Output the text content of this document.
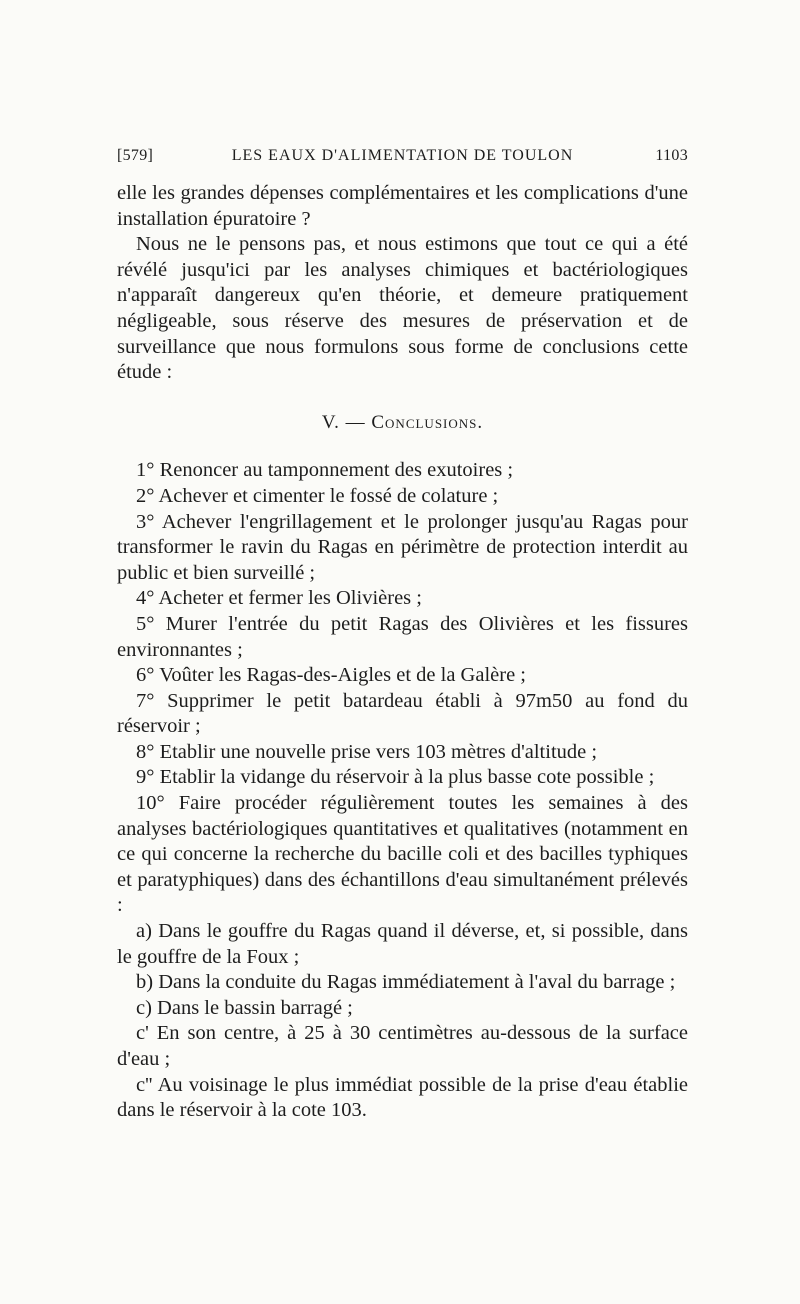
[579]	LES EAUX D'ALIMENTATION DE TOULON	1103

elle les grandes dépenses complémentaires et les complications d'une installation épuratoire ?

Nous ne le pensons pas, et nous estimons que tout ce qui a été révélé jusqu'ici par les analyses chimiques et bactériologiques n'apparaît dangereux qu'en théorie, et demeure pratiquement négligeable, sous réserve des mesures de préservation et de surveillance que nous formulons sous forme de conclusions cette étude :

V. — Conclusions.

1° Renoncer au tamponnement des exutoires ;

2° Achever et cimenter le fossé de colature ;

3° Achever l'engrillagement et le prolonger jusqu'au Ragas pour transformer le ravin du Ragas en périmètre de protection interdit au public et bien surveillé ;

4° Acheter et fermer les Olivières ;

5° Murer l'entrée du petit Ragas des Olivières et les fissures environnantes ;

6° Voûter les Ragas-des-Aigles et de la Galère ;

7° Supprimer le petit batardeau établi à 97m50 au fond du réservoir ;

8° Etablir une nouvelle prise vers 103 mètres d'altitude ;

9° Etablir la vidange du réservoir à la plus basse cote possible ;

10° Faire procéder régulièrement toutes les semaines à des analyses bactériologiques quantitatives et qualitatives (notamment en ce qui concerne la recherche du bacille coli et des bacilles typhiques et paratyphiques) dans des échantillons d'eau simultanément prélevés :

a) Dans le gouffre du Ragas quand il déverse, et, si possible, dans le gouffre de la Foux ;

b) Dans la conduite du Ragas immédiatement à l'aval du barrage ;

c) Dans le bassin barragé ;

c' En son centre, à 25 à 30 centimètres au-dessous de la surface d'eau ;

c'' Au voisinage le plus immédiat possible de la prise d'eau établie dans le réservoir à la cote 103.
